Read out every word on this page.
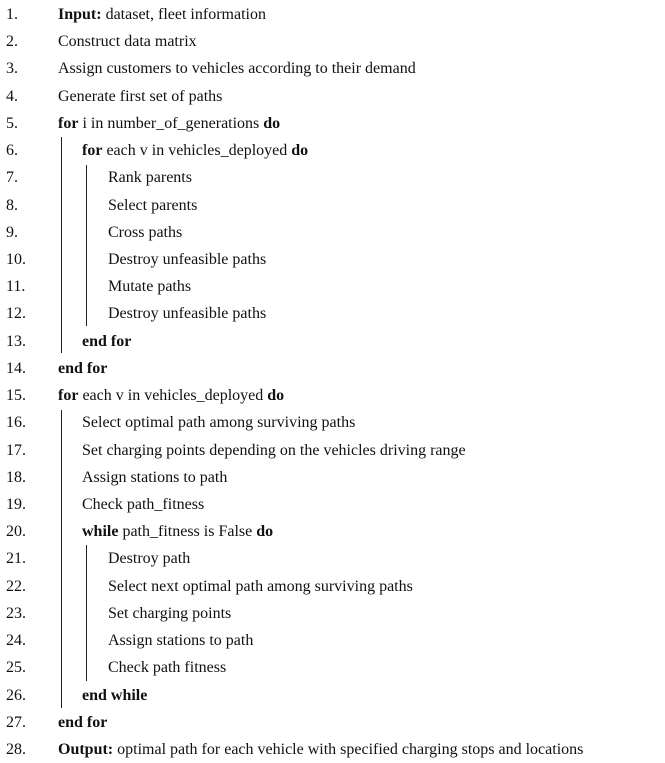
1.	Input: dataset, fleet information
2.	Construct data matrix
3.	Assign customers to vehicles according to their demand
4.	Generate first set of paths
5.	for i in number_of_generations do
6.	for each v in vehicles_deployed do
7.	Rank parents
8.	Select parents
9.	Cross paths
10.	Destroy unfeasible paths
11.	Mutate paths
12.	Destroy unfeasible paths
13.	end for
14. end for
15. for each v in vehicles_deployed do
16.	Select optimal path among surviving paths
17.	Set charging points depending on the vehicles driving range
18.	Assign stations to path
19.	Check path_fitness
20.	while path_fitness is False do
21.	Destroy path
22.	Select next optimal path among surviving paths
23.	Set charging points
24.	Assign stations to path
25.	Check path fitness
26.	end while
27. end for
28. Output: optimal path for each vehicle with specified charging stops and locations
